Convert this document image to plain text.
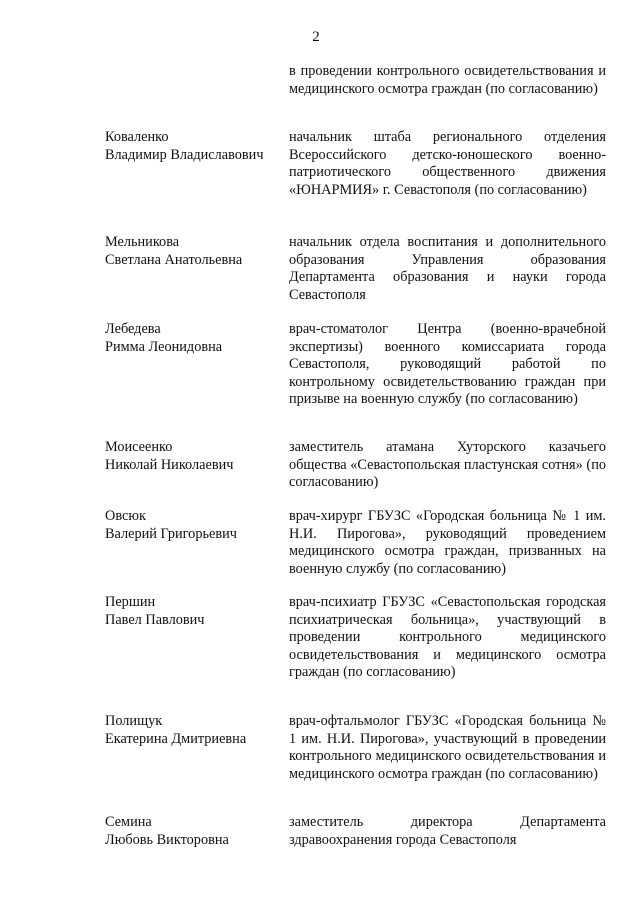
2
в проведении контрольного освидетельствования и медицинского осмотра граждан (по согласованию)
Коваленко
Владимир Владиславович
начальник штаба регионального отделения Всероссийского детско-юношеского военно-патриотического общественного движения «ЮНАРМИЯ» г. Севастополя (по согласованию)
Мельникова
Светлана Анатольевна
начальник отдела воспитания и дополнительного образования Управления образования Департамента образования и науки города Севастополя
Лебедева
Римма Леонидовна
врач-стоматолог Центра (военно-врачебной экспертизы) военного комиссариата города Севастополя, руководящий работой по контрольному освидетельствованию граждан при призыве на военную службу (по согласованию)
Моисеенко
Николай Николаевич
заместитель атамана Хуторского казачьего общества «Севастопольская пластунская сотня» (по согласованию)
Овсюк
Валерий Григорьевич
врач-хирург ГБУЗС «Городская больница № 1 им. Н.И. Пирогова», руководящий проведением медицинского осмотра граждан, призванных на военную службу (по согласованию)
Першин
Павел Павлович
врач-психиатр ГБУЗС «Севастопольская городская психиатрическая больница», участвующий в проведении контрольного медицинского освидетельствования и медицинского осмотра граждан (по согласованию)
Полищук
Екатерина Дмитриевна
врач-офтальмолог ГБУЗС «Городская больница № 1 им. Н.И. Пирогова», участвующий в проведении контрольного медицинского освидетельствования и медицинского осмотра граждан (по согласованию)
Семина
Любовь Викторовна
заместитель директора Департамента здравоохранения города Севастополя
